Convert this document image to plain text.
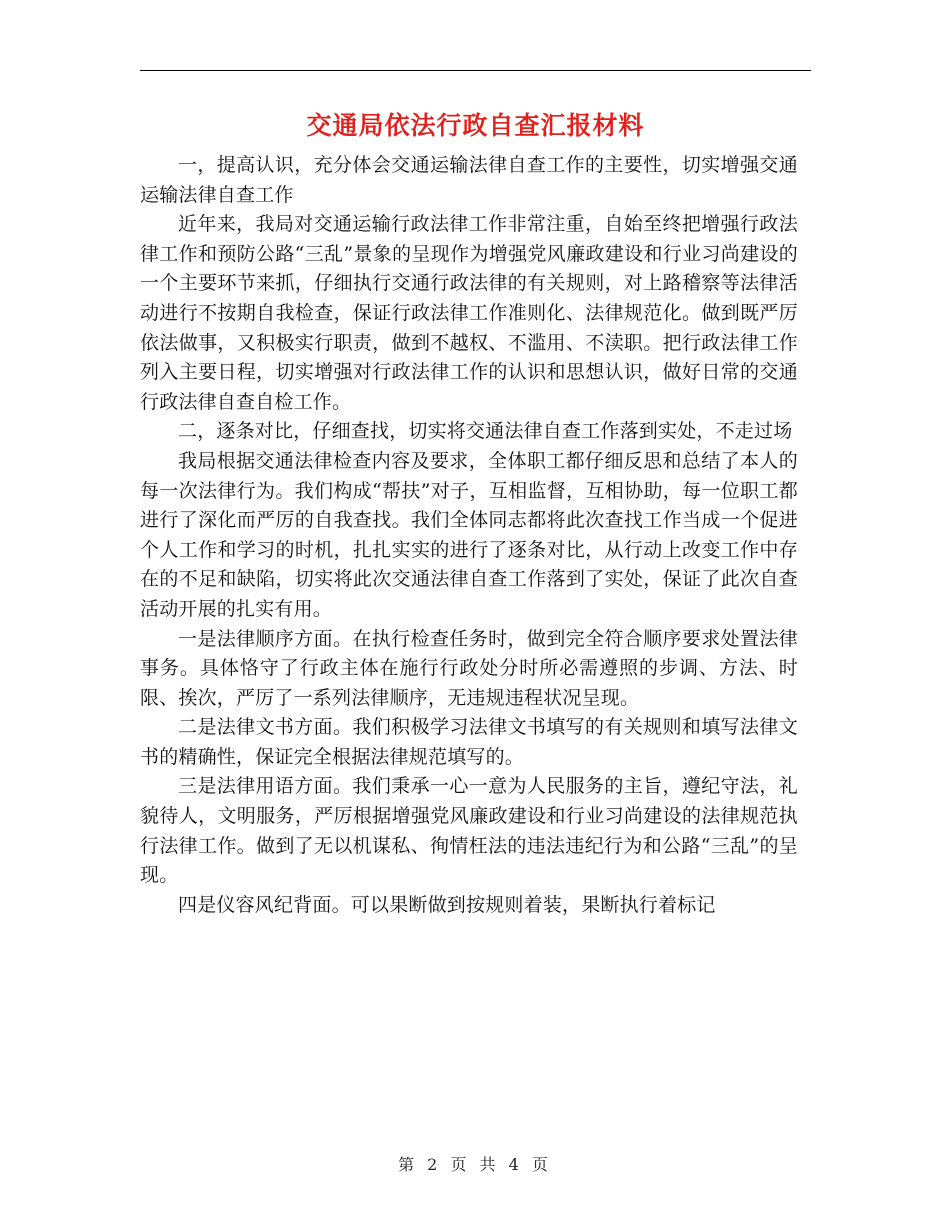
交通局依法行政自查汇报材料

一，提高认识，充分体会交通运输法律自查工作的主要性，切实增强交通运输法律自查工作

近年来，我局对交通运输行政法律工作非常注重，自始至终把增强行政法律工作和预防公路“三乱”景象的呈现作为增强党风廉政建设和行业习尚建设的一个主要环节来抓，仔细执行交通行政法律的有关规则，对上路稽察等法律活动进行不按期自我检查，保证行政法律工作准则化、法律规范化。做到既严厉依法做事，又积极实行职责，做到不越权、不滥用、不渎职。把行政法律工作列入主要日程，切实增强对行政法律工作的认识和思想认识，做好日常的交通行政法律自查自检工作。

二，逐条对比，仔细查找，切实将交通法律自查工作落到实处，不走过场

我局根据交通法律检查内容及要求，全体职工都仔细反思和总结了本人的每一次法律行为。我们构成“帮扶”对子，互相监督，互相协助，每一位职工都进行了深化而严厉的自我查找。我们全体同志都将此次查找工作当成一个促进个人工作和学习的时机，扎扎实实的进行了逐条对比，从行动上改变工作中存在的不足和缺陷，切实将此次交通法律自查工作落到了实处，保证了此次自查活动开展的扎实有用。

一是法律顺序方面。在执行检查任务时，做到完全符合顺序要求处置法律事务。具体恪守了行政主体在施行行政处分时所必需遵照的步调、方法、时限、挨次，严厉了一系列法律顺序，无违规违程状况呈现。

二是法律文书方面。我们积极学习法律文书填写的有关规则和填写法律文书的精确性，保证完全根据法律规范填写的。

三是法律用语方面。我们秉承一心一意为人民服务的主旨，遵纪守法，礼貌待人，文明服务，严厉根据增强党风廉政建设和行业习尚建设的法律规范执行法律工作。做到了无以机谋私、徇情枉法的违法违纪行为和公路“三乱”的呈现。

四是仪容风纪背面。可以果断做到按规则着装，果断执行着标记

第 2 页 共 4 页
